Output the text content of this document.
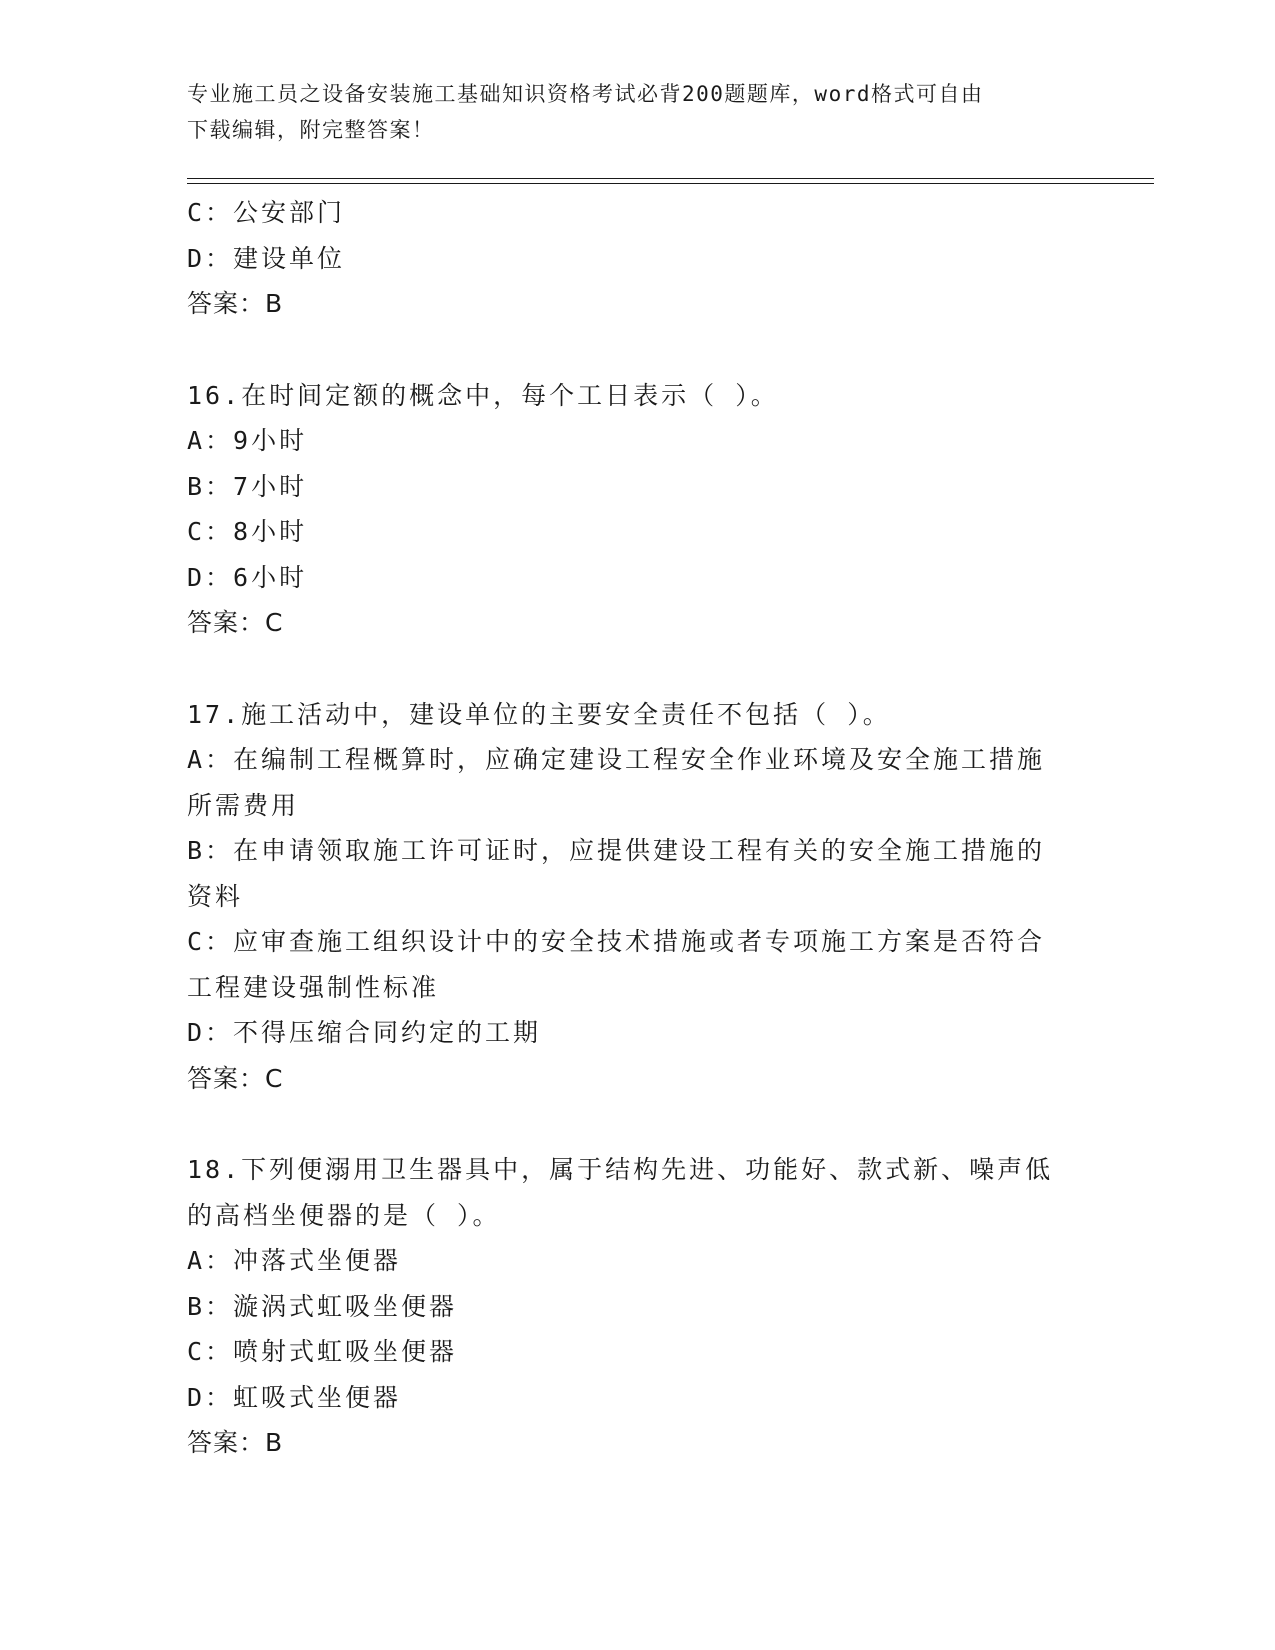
专业施工员之设备安装施工基础知识资格考试必背200题题库，word格式可自由
下载编辑，附完整答案！
C：公安部门
D：建设单位
答案：B
16.在时间定额的概念中，每个工日表示（ ）。
A：9小时
B：7小时
C：8小时
D：6小时
答案：C
17.施工活动中，建设单位的主要安全责任不包括（ ）。
A：在编制工程概算时，应确定建设工程安全作业环境及安全施工措施
所需费用
B：在申请领取施工许可证时，应提供建设工程有关的安全施工措施的
资料
C：应审查施工组织设计中的安全技术措施或者专项施工方案是否符合
工程建设强制性标准
D：不得压缩合同约定的工期
答案：C
18.下列便溺用卫生器具中，属于结构先进、功能好、款式新、噪声低
的高档坐便器的是（ ）。
A：冲落式坐便器
B：漩涡式虹吸坐便器
C：喷射式虹吸坐便器
D：虹吸式坐便器
答案：B
